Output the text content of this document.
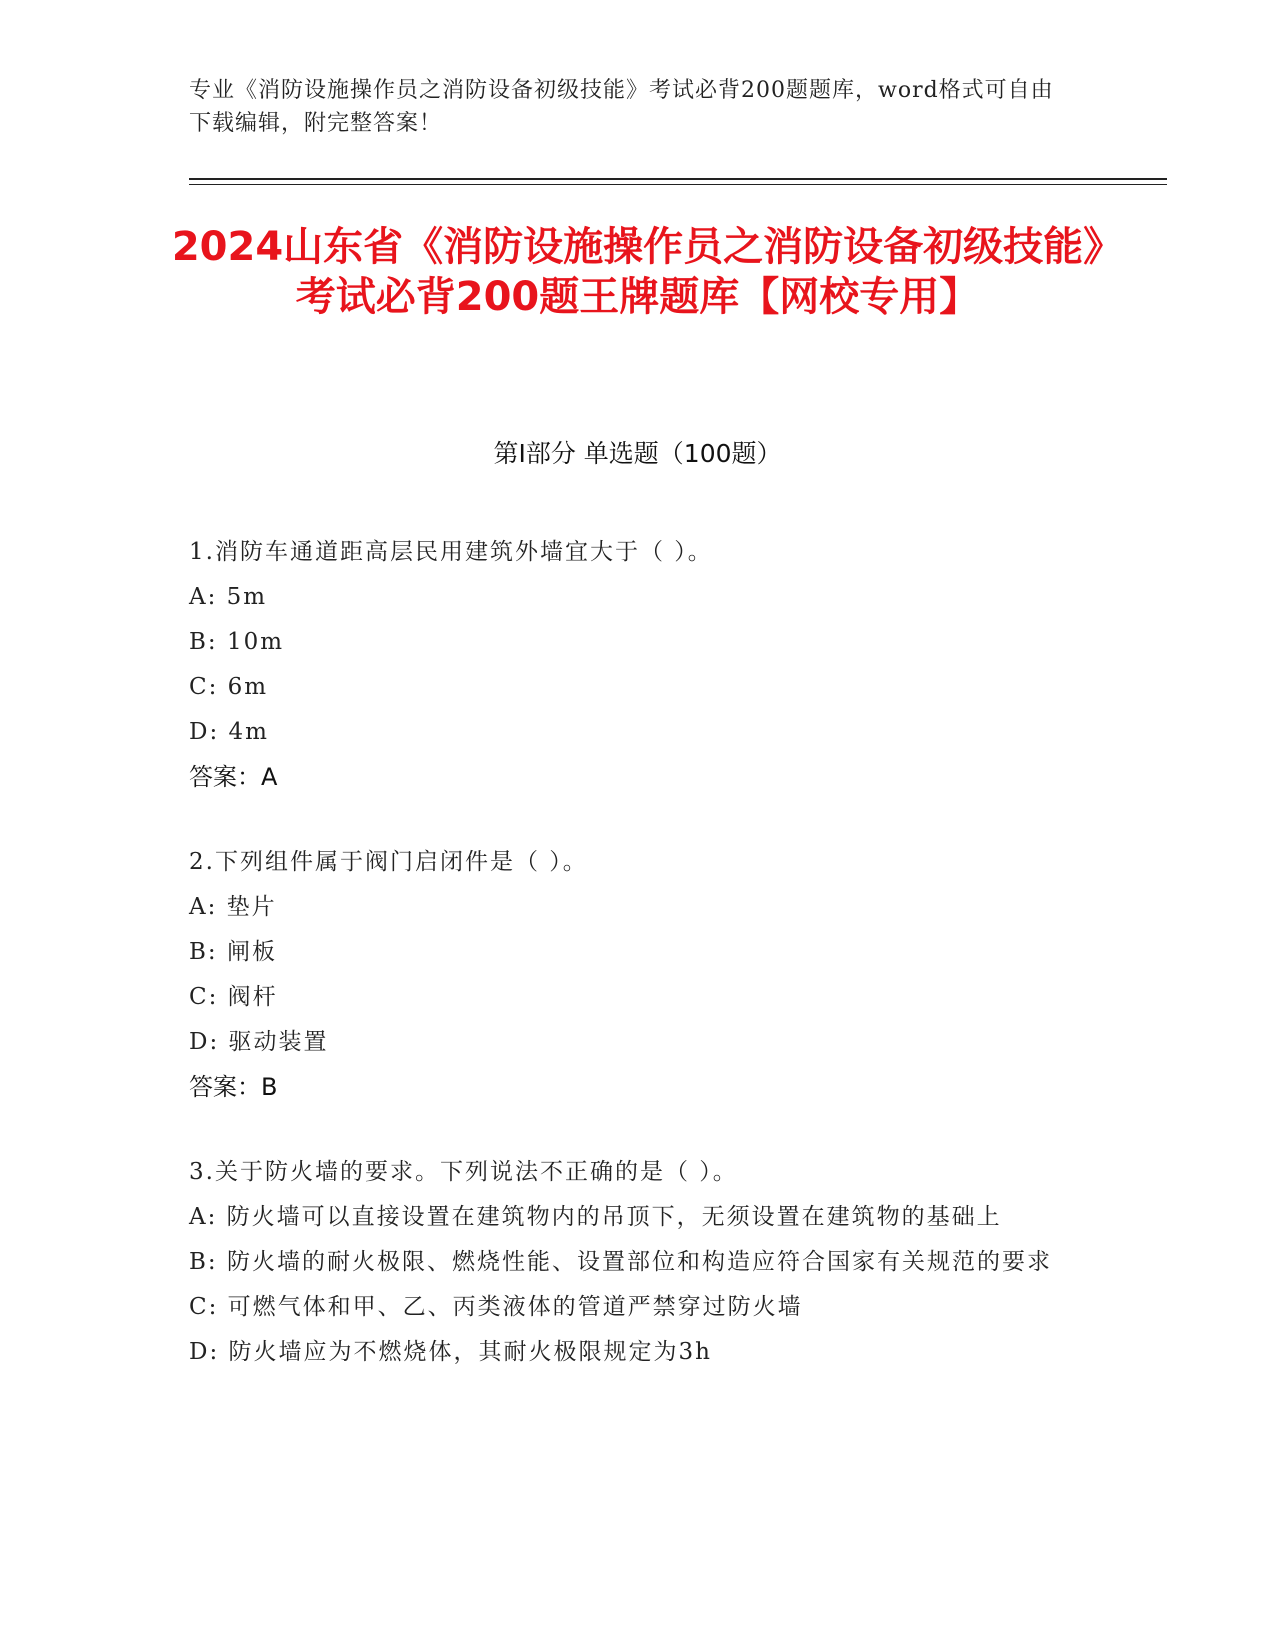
专业《消防设施操作员之消防设备初级技能》考试必背200题题库，word格式可自由下载编辑，附完整答案！
2024山东省《消防设施操作员之消防设备初级技能》考试必背200题王牌题库【网校专用】
第I部分 单选题（100题）

1.消防车通道距高层民用建筑外墙宜大于（ ）。

A: 5m

B: 10m

C: 6m

D: 4m

答案：A

2.下列组件属于阀门启闭件是（ ）。

A: 垫片

B: 闸板

C: 阀杆

D: 驱动装置

答案：B

3.关于防火墙的要求。下列说法不正确的是（ ）。

A: 防火墙可以直接设置在建筑物内的吊顶下，无须设置在建筑物的基础上

B: 防火墙的耐火极限、燃烧性能、设置部位和构造应符合国家有关规范的要求

C: 可燃气体和甲、乙、丙类液体的管道严禁穿过防火墙

D: 防火墙应为不燃烧体，其耐火极限规定为3h
